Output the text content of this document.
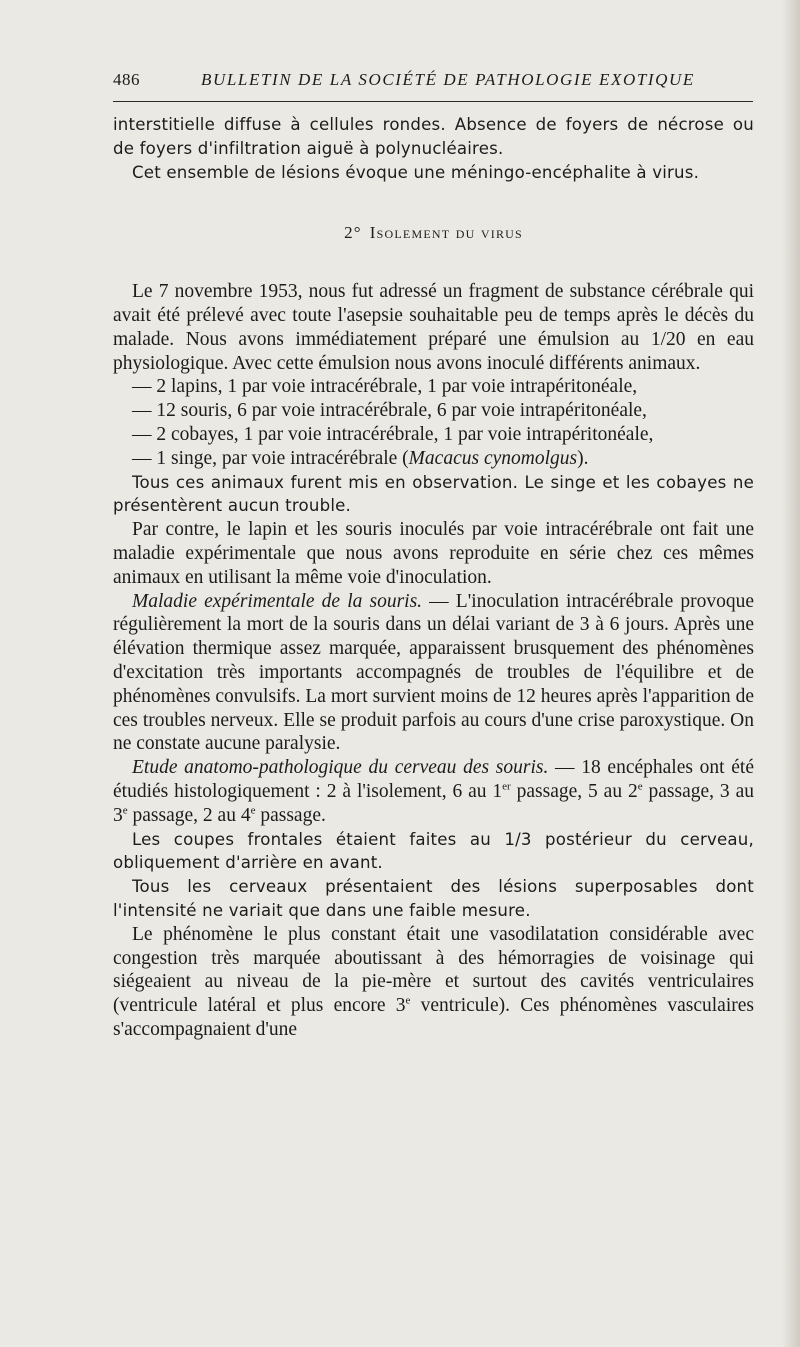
486	BULLETIN DE LA SOCIÉTÉ DE PATHOLOGIE EXOTIQUE

interstitielle diffuse à cellules rondes. Absence de foyers de nécrose ou
de foyers d'infiltration aiguë à polynucléaires.

Cet ensemble de lésions évoque une méningo-encéphalite à virus.

2° Isolement du virus

Le 7 novembre 1953, nous fut adressé un fragment de substance cérébrale qui avait été prélevé avec toute l'asepsie souhaitable peu de temps après le décès du malade. Nous avons immédiatement préparé une émulsion au 1/20 en eau physiologique. Avec cette émulsion nous avons inoculé différents animaux.

— 2 lapins, 1 par voie intracérébrale, 1 par voie intrapéritonéale,

— 12 souris, 6 par voie intracérébrale, 6 par voie intrapéritonéale,

— 2 cobayes, 1 par voie intracérébrale, 1 par voie intrapéritonéale,

— 1 singe, par voie intracérébrale (Macacus cynomolgus).

Tous ces animaux furent mis en observation. Le singe et les cobayes ne présentèrent aucun trouble.

Par contre, le lapin et les souris inoculés par voie intracérébrale ont fait une maladie expérimentale que nous avons reproduite en série chez ces mêmes animaux en utilisant la même voie d'inoculation.

Maladie expérimentale de la souris. — L'inoculation intracérébrale provoque régulièrement la mort de la souris dans un délai variant de 3 à 6 jours. Après une élévation thermique assez marquée, apparaissent brusquement des phénomènes d'excitation très importants accompagnés de troubles de l'équilibre et de phénomènes convulsifs. La mort survient moins de 12 heures après l'apparition de ces troubles nerveux. Elle se produit parfois au cours d'une crise paroxystique. On ne constate aucune paralysie.

Etude anatomo-pathologique du cerveau des souris. — 18 encéphales ont été étudiés histologiquement : 2 à l'isolement, 6 au 1er passage, 5 au 2e passage, 3 au 3e passage, 2 au 4e passage.

Les coupes frontales étaient faites au 1/3 postérieur du cerveau, obliquement d'arrière en avant.

Tous les cerveaux présentaient des lésions superposables dont l'intensité ne variait que dans une faible mesure.

Le phénomène le plus constant était une vasodilatation considérable avec congestion très marquée aboutissant à des hémorragies de voisinage qui siégeaient au niveau de la pie-mère et surtout des cavités ventriculaires (ventricule latéral et plus encore 3e ventricule). Ces phénomènes vasculaires s'accompagnaient d'une
